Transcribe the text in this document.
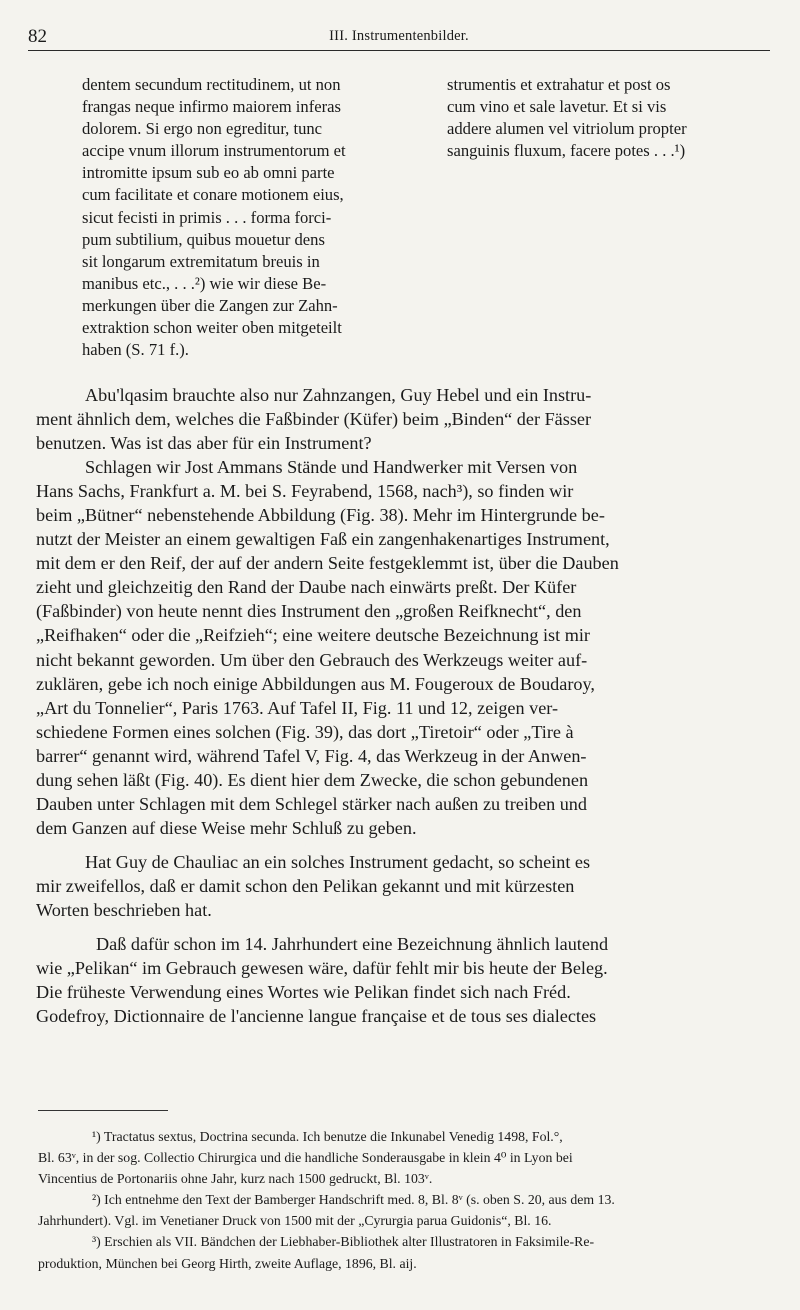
82	III. Instrumentenbilder.
dentem secundum rectitudinem, ut non
frangas neque infirmo maiorem inferas
dolorem. Si ergo non egreditur, tunc
accipe vnum illorum instrumentorum et
intromitte ipsum sub eo ab omni parte
cum facilitate et conare motionem eius,
sicut fecisti in primis . . . forma forci-
pum subtilium, quibus mouetur dens
sit longarum extremitatum breuis in
manibus etc., . . .²) wie wir diese Be-
merkungen über die Zangen zur Zahn-
extraktion schon weiter oben mitgeteilt
haben (S. 71 f.).
strumentis et extrahatur et post os
cum vino et sale lavetur. Et si vis
addere alumen vel vitriolum propter
sanguinis fluxum, facere potes . . .¹)
Abu'lqasim brauchte also nur Zahnzangen, Guy Hebel und ein Instru-
ment ähnlich dem, welches die Faßbinder (Küfer) beim „Binden“ der Fässer
benutzen. Was ist das aber für ein Instrument?
Schlagen wir Jost Ammans Stände und Handwerker mit Versen von
Hans Sachs, Frankfurt a. M. bei S. Feyrabend, 1568, nach³), so finden wir
beim „Bütner“ nebenstehende Abbildung (Fig. 38). Mehr im Hintergrunde be-
nutzt der Meister an einem gewaltigen Faß ein zangenhakenartiges Instrument,
mit dem er den Reif, der auf der andern Seite festgeklemmt ist, über die Dauben
zieht und gleichzeitig den Rand der Daube nach einwärts preßt. Der Küfer
(Faßbinder) von heute nennt dies Instrument den „großen Reifknecht“, den
„Reifhaken“ oder die „Reifzieh“; eine weitere deutsche Bezeichnung ist mir
nicht bekannt geworden. Um über den Gebrauch des Werkzeugs weiter auf-
zuklären, gebe ich noch einige Abbildungen aus M. Fougeroux de Boudaroy,
„Art du Tonnelier“, Paris 1763. Auf Tafel II, Fig. 11 und 12, zeigen ver-
schiedene Formen eines solchen (Fig. 39), das dort „Tiretoir“ oder „Tire à
barrer“ genannt wird, während Tafel V, Fig. 4, das Werkzeug in der Anwen-
dung sehen läßt (Fig. 40). Es dient hier dem Zwecke, die schon gebundenen
Dauben unter Schlagen mit dem Schlegel stärker nach außen zu treiben und
dem Ganzen auf diese Weise mehr Schluß zu geben.
Hat Guy de Chauliac an ein solches Instrument gedacht, so scheint es
mir zweifellos, daß er damit schon den Pelikan gekannt und mit kürzesten
Worten beschrieben hat.
Daß dafür schon im 14. Jahrhundert eine Bezeichnung ähnlich lautend
wie „Pelikan“ im Gebrauch gewesen wäre, dafür fehlt mir bis heute der Beleg.
Die früheste Verwendung eines Wortes wie Pelikan findet sich nach Fréd.
Godefroy, Dictionnaire de l'ancienne langue française et de tous ses dialectes
¹) Tractatus sextus, Doctrina secunda. Ich benutze die Inkunabel Venedig 1498, Fol.°,
Bl. 63ᵛ, in der sog. Collectio Chirurgica und die handliche Sonderausgabe in klein 4⁰ in Lyon bei
Vincentius de Portonariis ohne Jahr, kurz nach 1500 gedruckt, Bl. 103ᵛ.
²) Ich entnehme den Text der Bamberger Handschrift med. 8, Bl. 8ᵛ (s. oben S. 20, aus dem 13.
Jahrhundert). Vgl. im Venetianer Druck von 1500 mit der „Cyrurgia parua Guidonis“, Bl. 16.
³) Erschien als VII. Bändchen der Liebhaber-Bibliothek alter Illustratoren in Faksimile-Re-
produktion, München bei Georg Hirth, zweite Auflage, 1896, Bl. aij.
